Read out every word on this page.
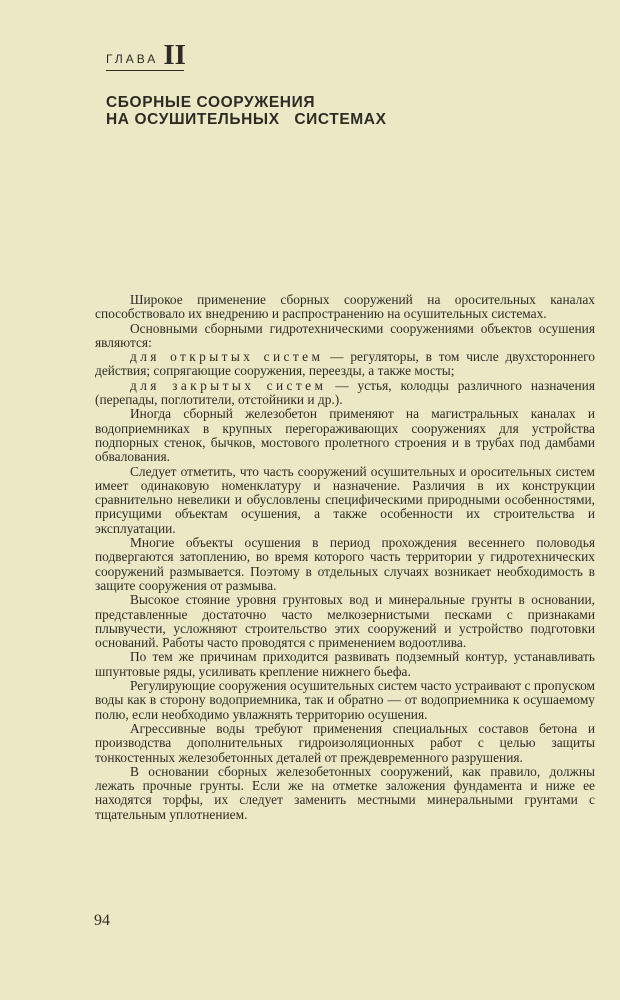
ГЛАВА II
СБОРНЫЕ СООРУЖЕНИЯ
НА ОСУШИТЕЛЬНЫХ   СИСТЕМАХ

Широкое применение сборных сооружений на оросительных каналах способствовало их внедрению и распространению на осушительных системах.

Основными сборными гидротехническими сооружениями объектов осушения являются:

для открытых систем — регуляторы, в том числе двухстороннего действия; сопрягающие сооружения, переезды, а также мосты;

для закрытых систем — устья, колодцы различного назначения (перепады, поглотители, отстойники и др.).

Иногда сборный железобетон применяют на магистральных каналах и водоприемниках в крупных перегораживающих сооружениях для устройства подпорных стенок, бычков, мостового пролетного строения и в трубах под дамбами обвалования.

Следует отметить, что часть сооружений осушительных и оросительных систем имеет одинаковую номенклатуру и назначение. Различия в их конструкции сравнительно невелики и обусловлены специфическими природными особенностями, присущими объектам осушения, а также особенности их строительства и эксплуатации.

Многие объекты осушения в период прохождения весеннего половодья подвергаются затоплению, во время которого часть территории у гидротехнических сооружений размывается. Поэтому в отдельных случаях возникает необходимость в защите сооружения от размыва.

Высокое стояние уровня грунтовых вод и минеральные грунты в основании, представленные достаточно часто мелкозернистыми песками с признаками плывучести, усложняют строительство этих сооружений и устройство подготовки оснований. Работы часто проводятся с применением водоотлива.

По тем же причинам приходится развивать подземный контур, устанавливать шпунтовые ряды, усиливать крепление нижнего бьефа.

Регулирующие сооружения осушительных систем часто устраивают с пропуском воды как в сторону водоприемника, так и обратно — от водоприемника к осушаемому полю, если необходимо увлажнять территорию осушения.

Агрессивные воды требуют применения специальных составов бетона и производства дополнительных гидроизоляционных работ с целью защиты тонкостенных железобетонных деталей от преждевременного разрушения.

В основании сборных железобетонных сооружений, как правило, должны лежать прочные грунты. Если же на отметке заложения фундамента и ниже ее находятся торфы, их следует заменить местными минеральными грунтами с тщательным уплотнением.

94
